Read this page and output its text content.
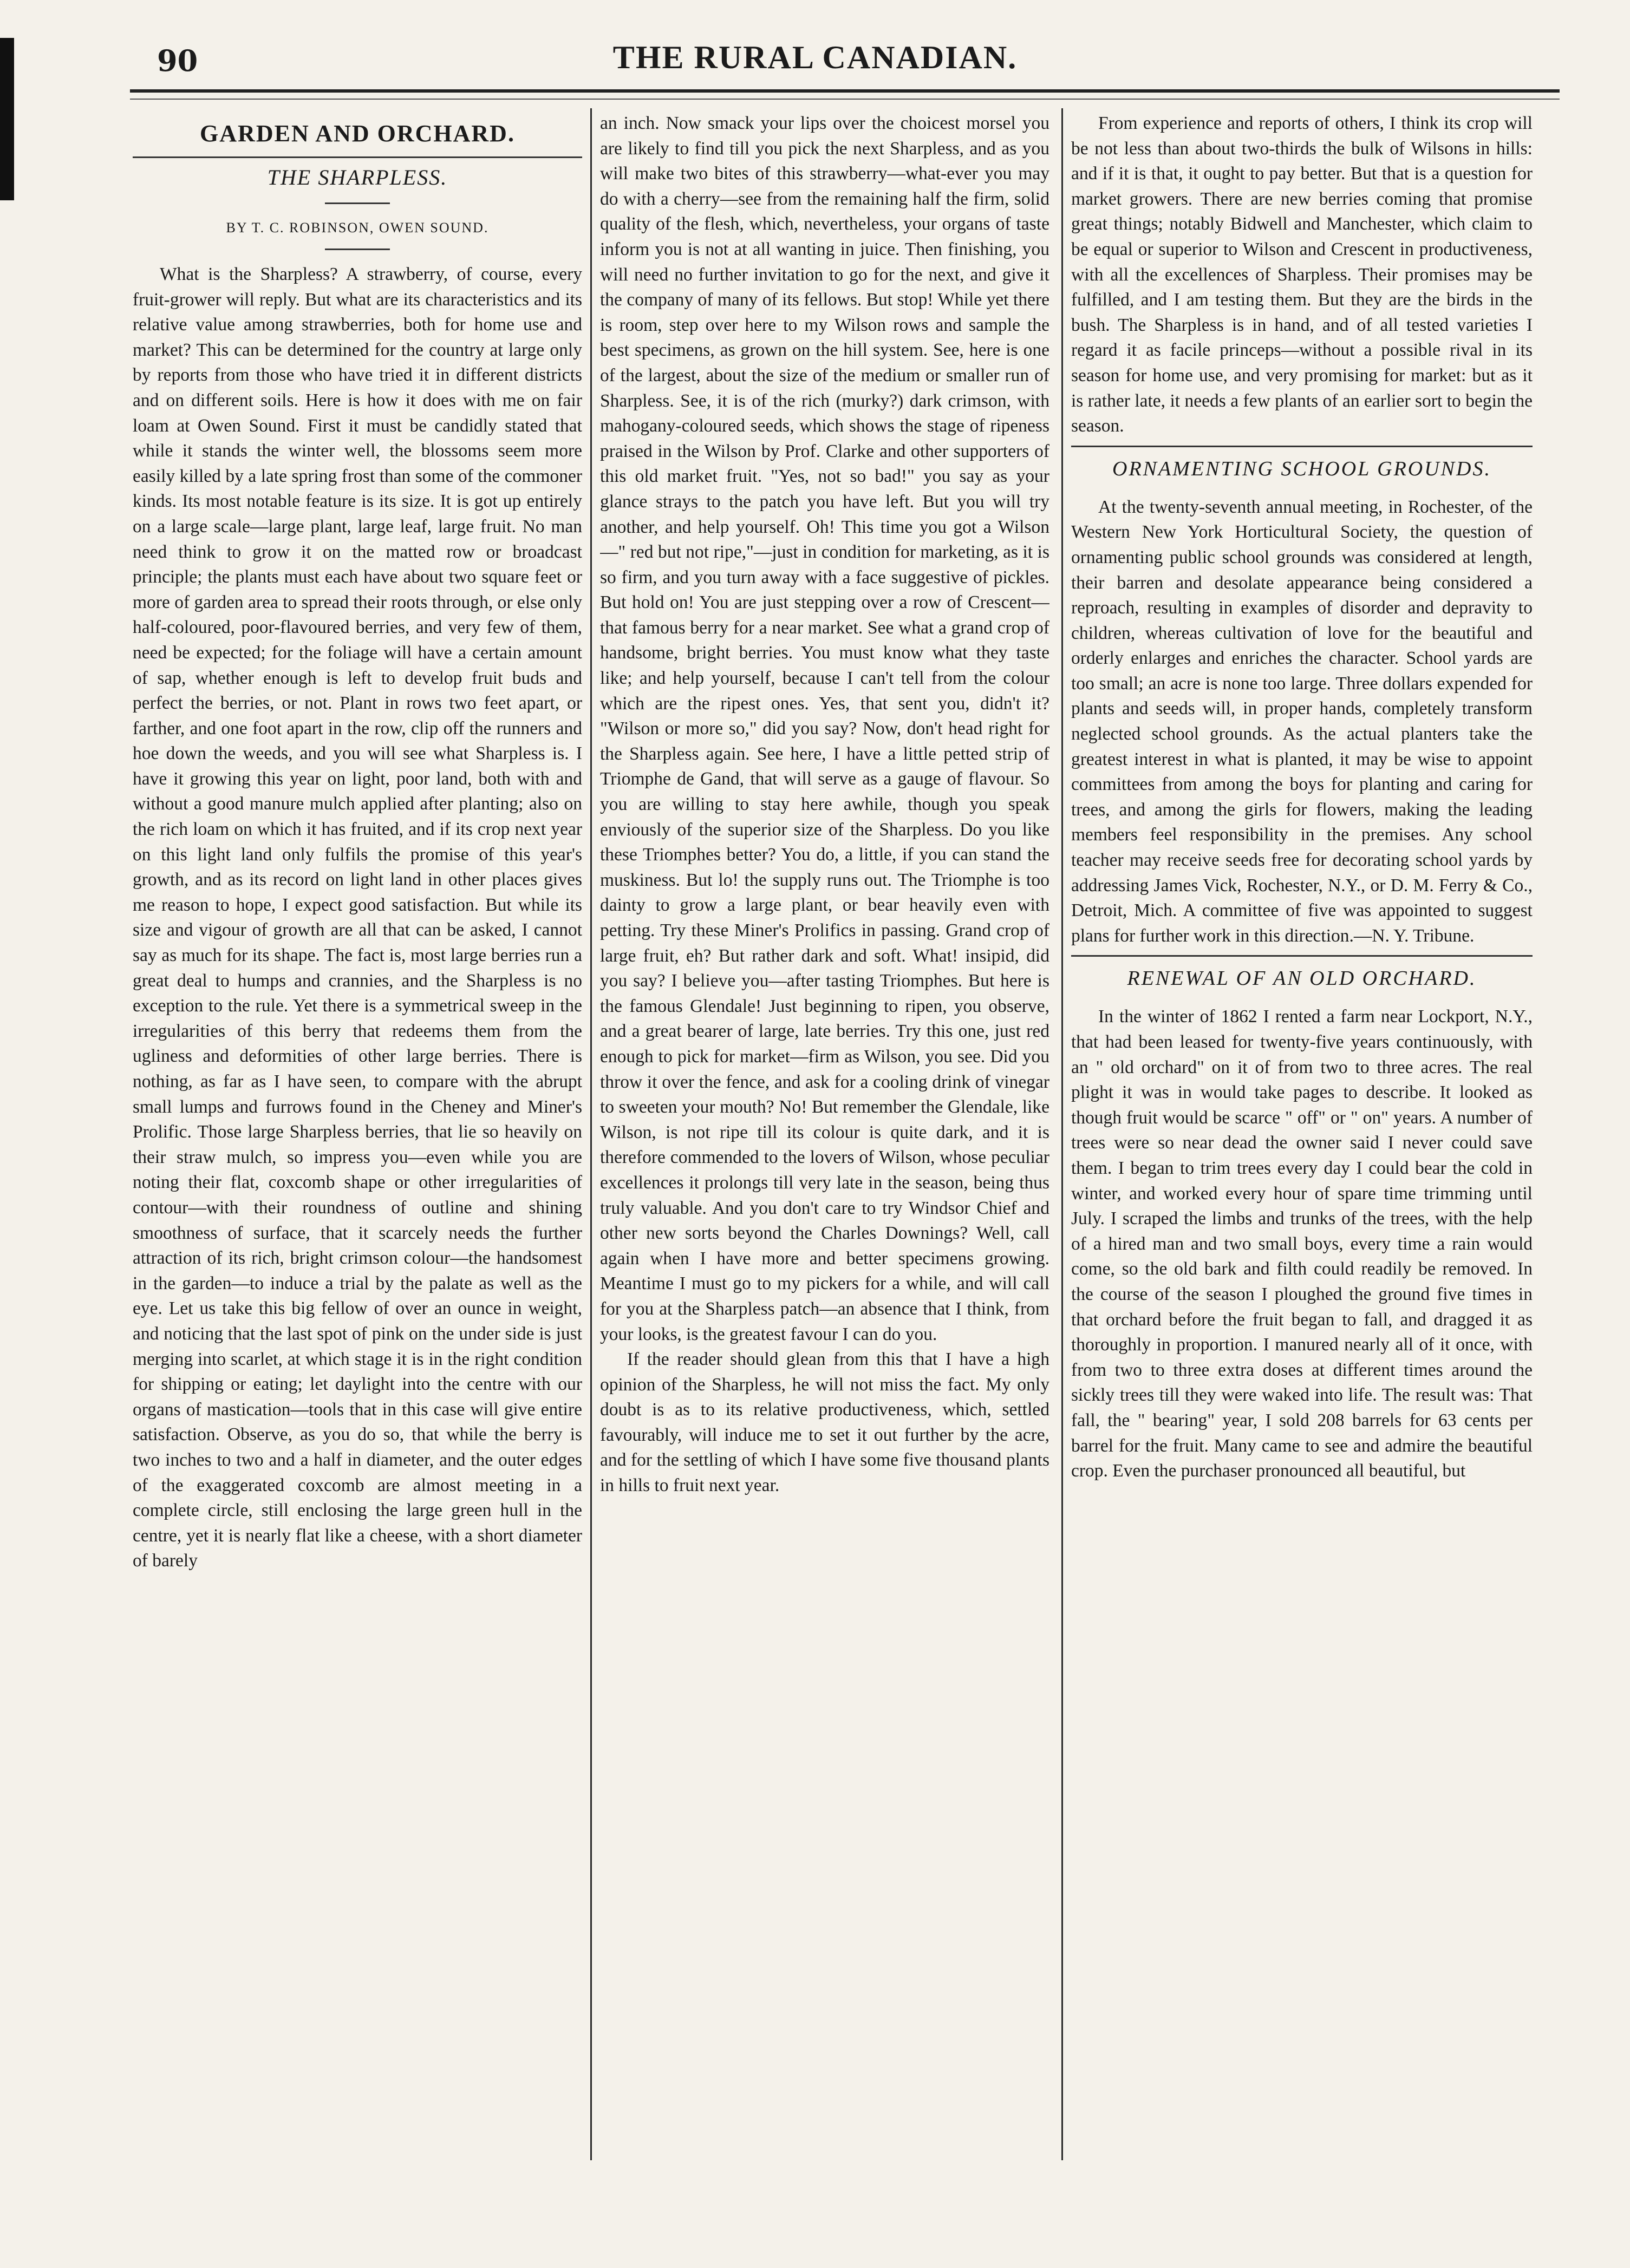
90	THE RURAL CANADIAN.
GARDEN AND ORCHARD.
THE SHARPLESS.
BY T. C. ROBINSON, OWEN SOUND.

What is the Sharpless? A strawberry, of course, every fruit-grower will reply. But what are its characteristics and its relative value among strawberries, both for home use and market? This can be determined for the country at large only by reports from those who have tried it in different districts and on different soils. Here is how it does with me on fair loam at Owen Sound. First it must be candidly stated that while it stands the winter well, the blossoms seem more easily killed by a late spring frost than some of the commoner kinds. Its most notable feature is its size. It is got up entirely on a large scale—large plant, large leaf, large fruit. No man need think to grow it on the matted row or broadcast principle; the plants must each have about two square feet or more of garden area to spread their roots through, or else only half-coloured, poor-flavoured berries, and very few of them, need be expected; for the foliage will have a certain amount of sap, whether enough is left to develop fruit buds and perfect the berries, or not. Plant in rows two feet apart, or farther, and one foot apart in the row, clip off the runners and hoe down the weeds, and you will see what Sharpless is. I have it growing this year on light, poor land, both with and without a good manure mulch applied after planting; also on the rich loam on which it has fruited, and if its crop next year on this light land only fulfils the promise of this year's growth, and as its record on light land in other places gives me reason to hope, I expect good satisfaction. But while its size and vigour of growth are all that can be asked, I cannot say as much for its shape. The fact is, most large berries run a great deal to humps and crannies, and the Sharpless is no exception to the rule. Yet there is a symmetrical sweep in the irregularities of this berry that redeems them from the ugliness and deformities of other large berries. There is nothing, as far as I have seen, to compare with the abrupt small lumps and furrows found in the Cheney and Miner's Prolific. Those large Sharpless berries, that lie so heavily on their straw mulch, so impress you—even while you are noting their flat, coxcomb shape or other irregularities of contour—with their roundness of outline and shining smoothness of surface, that it scarcely needs the further attraction of its rich, bright crimson colour—the handsomest in the garden—to induce a trial by the palate as well as the eye. Let us take this big fellow of over an ounce in weight, and noticing that the last spot of pink on the under side is just merging into scarlet, at which stage it is in the right condition for shipping or eating; let daylight into the centre with our organs of mastication—tools that in this case will give entire satisfaction. Observe, as you do so, that while the berry is two inches to two and a half in diameter, and the outer edges of the exaggerated coxcomb are almost meeting in a complete circle, still enclosing the large green hull in the centre, yet it is nearly flat like a cheese, with a short diameter of barely

an inch. Now smack your lips over the choicest morsel you are likely to find till you pick the next Sharpless, and as you will make two bites of this strawberry—what-ever you may do with a cherry—see from the remaining half the firm, solid quality of the flesh, which, nevertheless, your organs of taste inform you is not at all wanting in juice. Then finishing, you will need no further invitation to go for the next, and give it the company of many of its fellows. But stop! While yet there is room, step over here to my Wilson rows and sample the best specimens, as grown on the hill system. See, here is one of the largest, about the size of the medium or smaller run of Sharpless. See, it is of the rich (murky?) dark crimson, with mahogany-coloured seeds, which shows the stage of ripeness praised in the Wilson by Prof. Clarke and other supporters of this old market fruit. "Yes, not so bad!" you say as your glance strays to the patch you have left. But you will try another, and help yourself. Oh! This time you got a Wilson —" red but not ripe,"—just in condition for marketing, as it is so firm, and you turn away with a face suggestive of pickles. But hold on! You are just stepping over a row of Crescent—that famous berry for a near market. See what a grand crop of handsome, bright berries. You must know what they taste like; and help yourself, because I can't tell from the colour which are the ripest ones. Yes, that sent you, didn't it? "Wilson or more so," did you say? Now, don't head right for the Sharpless again. See here, I have a little petted strip of Triomphe de Gand, that will serve as a gauge of flavour. So you are willing to stay here awhile, though you speak enviously of the superior size of the Sharpless. Do you like these Triomphes better? You do, a little, if you can stand the muskiness. But lo! the supply runs out. The Triomphe is too dainty to grow a large plant, or bear heavily even with petting. Try these Miner's Prolifics in passing. Grand crop of large fruit, eh? But rather dark and soft. What! insipid, did you say? I believe you—after tasting Triomphes. But here is the famous Glendale! Just beginning to ripen, you observe, and a great bearer of large, late berries. Try this one, just red enough to pick for market—firm as Wilson, you see. Did you throw it over the fence, and ask for a cooling drink of vinegar to sweeten your mouth? No! But remember the Glendale, like Wilson, is not ripe till its colour is quite dark, and it is therefore commended to the lovers of Wilson, whose peculiar excellences it prolongs till very late in the season, being thus truly valuable. And you don't care to try Windsor Chief and other new sorts beyond the Charles Downings? Well, call again when I have more and better specimens growing. Meantime I must go to my pickers for a while, and will call for you at the Sharpless patch—an absence that I think, from your looks, is the greatest favour I can do you.

If the reader should glean from this that I have a high opinion of the Sharpless, he will not miss the fact. My only doubt is as to its relative productiveness, which, settled favourably, will induce me to set it out further by the acre, and for the settling of which I have some five thousand plants in hills to fruit next year.

From experience and reports of others, I think its crop will be not less than about two-thirds the bulk of Wilsons in hills: and if it is that, it ought to pay better. But that is a question for market growers. There are new berries coming that promise great things; notably Bidwell and Manchester, which claim to be equal or superior to Wilson and Crescent in productiveness, with all the excellences of Sharpless. Their promises may be fulfilled, and I am testing them. But they are the birds in the bush. The Sharpless is in hand, and of all tested varieties I regard it as facile princeps—without a possible rival in its season for home use, and very promising for market: but as it is rather late, it needs a few plants of an earlier sort to begin the season.

ORNAMENTING SCHOOL GROUNDS.

At the twenty-seventh annual meeting, in Rochester, of the Western New York Horticultural Society, the question of ornamenting public school grounds was considered at length, their barren and desolate appearance being considered a reproach, resulting in examples of disorder and depravity to children, whereas cultivation of love for the beautiful and orderly enlarges and enriches the character. School yards are too small; an acre is none too large. Three dollars expended for plants and seeds will, in proper hands, completely transform neglected school grounds. As the actual planters take the greatest interest in what is planted, it may be wise to appoint committees from among the boys for planting and caring for trees, and among the girls for flowers, making the leading members feel responsibility in the premises. Any school teacher may receive seeds free for decorating school yards by addressing James Vick, Rochester, N.Y., or D. M. Ferry & Co., Detroit, Mich. A committee of five was appointed to suggest plans for further work in this direction.—N. Y. Tribune.

RENEWAL OF AN OLD ORCHARD.

In the winter of 1862 I rented a farm near Lockport, N.Y., that had been leased for twenty-five years continuously, with an " old orchard" on it of from two to three acres. The real plight it was in would take pages to describe. It looked as though fruit would be scarce " off" or " on" years. A number of trees were so near dead the owner said I never could save them. I began to trim trees every day I could bear the cold in winter, and worked every hour of spare time trimming until July. I scraped the limbs and trunks of the trees, with the help of a hired man and two small boys, every time a rain would come, so the old bark and filth could readily be removed. In the course of the season I ploughed the ground five times in that orchard before the fruit began to fall, and dragged it as thoroughly in proportion. I manured nearly all of it once, with from two to three extra doses at different times around the sickly trees till they were waked into life. The result was: That fall, the " bearing" year, I sold 208 barrels for 63 cents per barrel for the fruit. Many came to see and admire the beautiful crop. Even the purchaser pronounced all beautiful, but
